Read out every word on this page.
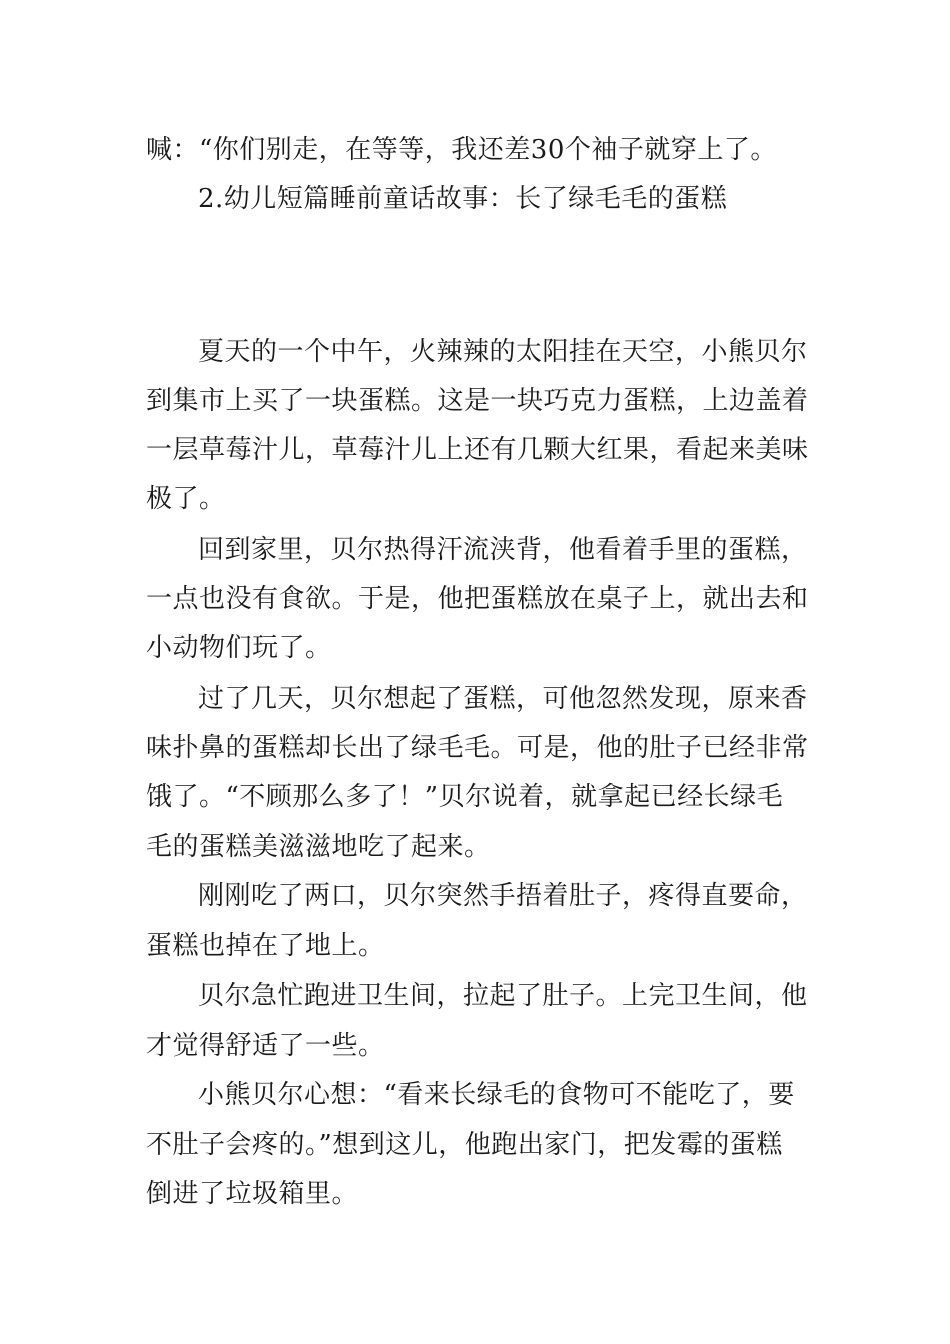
喊：“你们别走，在等等，我还差30个袖子就穿上了。
2.幼儿短篇睡前童话故事：长了绿毛毛的蛋糕
夏天的一个中午，火辣辣的太阳挂在天空，小熊贝尔
到集市上买了一块蛋糕。这是一块巧克力蛋糕，上边盖着
一层草莓汁儿，草莓汁儿上还有几颗大红果，看起来美味
极了。
回到家里，贝尔热得汗流浃背，他看着手里的蛋糕，
一点也没有食欲。于是，他把蛋糕放在桌子上，就出去和
小动物们玩了。
过了几天，贝尔想起了蛋糕，可他忽然发现，原来香
味扑鼻的蛋糕却长出了绿毛毛。可是，他的肚子已经非常
饿了。“不顾那么多了！”贝尔说着，就拿起已经长绿毛
毛的蛋糕美滋滋地吃了起来。
刚刚吃了两口，贝尔突然手捂着肚子，疼得直要命，
蛋糕也掉在了地上。
贝尔急忙跑进卫生间，拉起了肚子。上完卫生间，他
才觉得舒适了一些。
小熊贝尔心想：“看来长绿毛的食物可不能吃了，要
不肚子会疼的。”想到这儿，他跑出家门，把发霉的蛋糕
倒进了垃圾箱里。
